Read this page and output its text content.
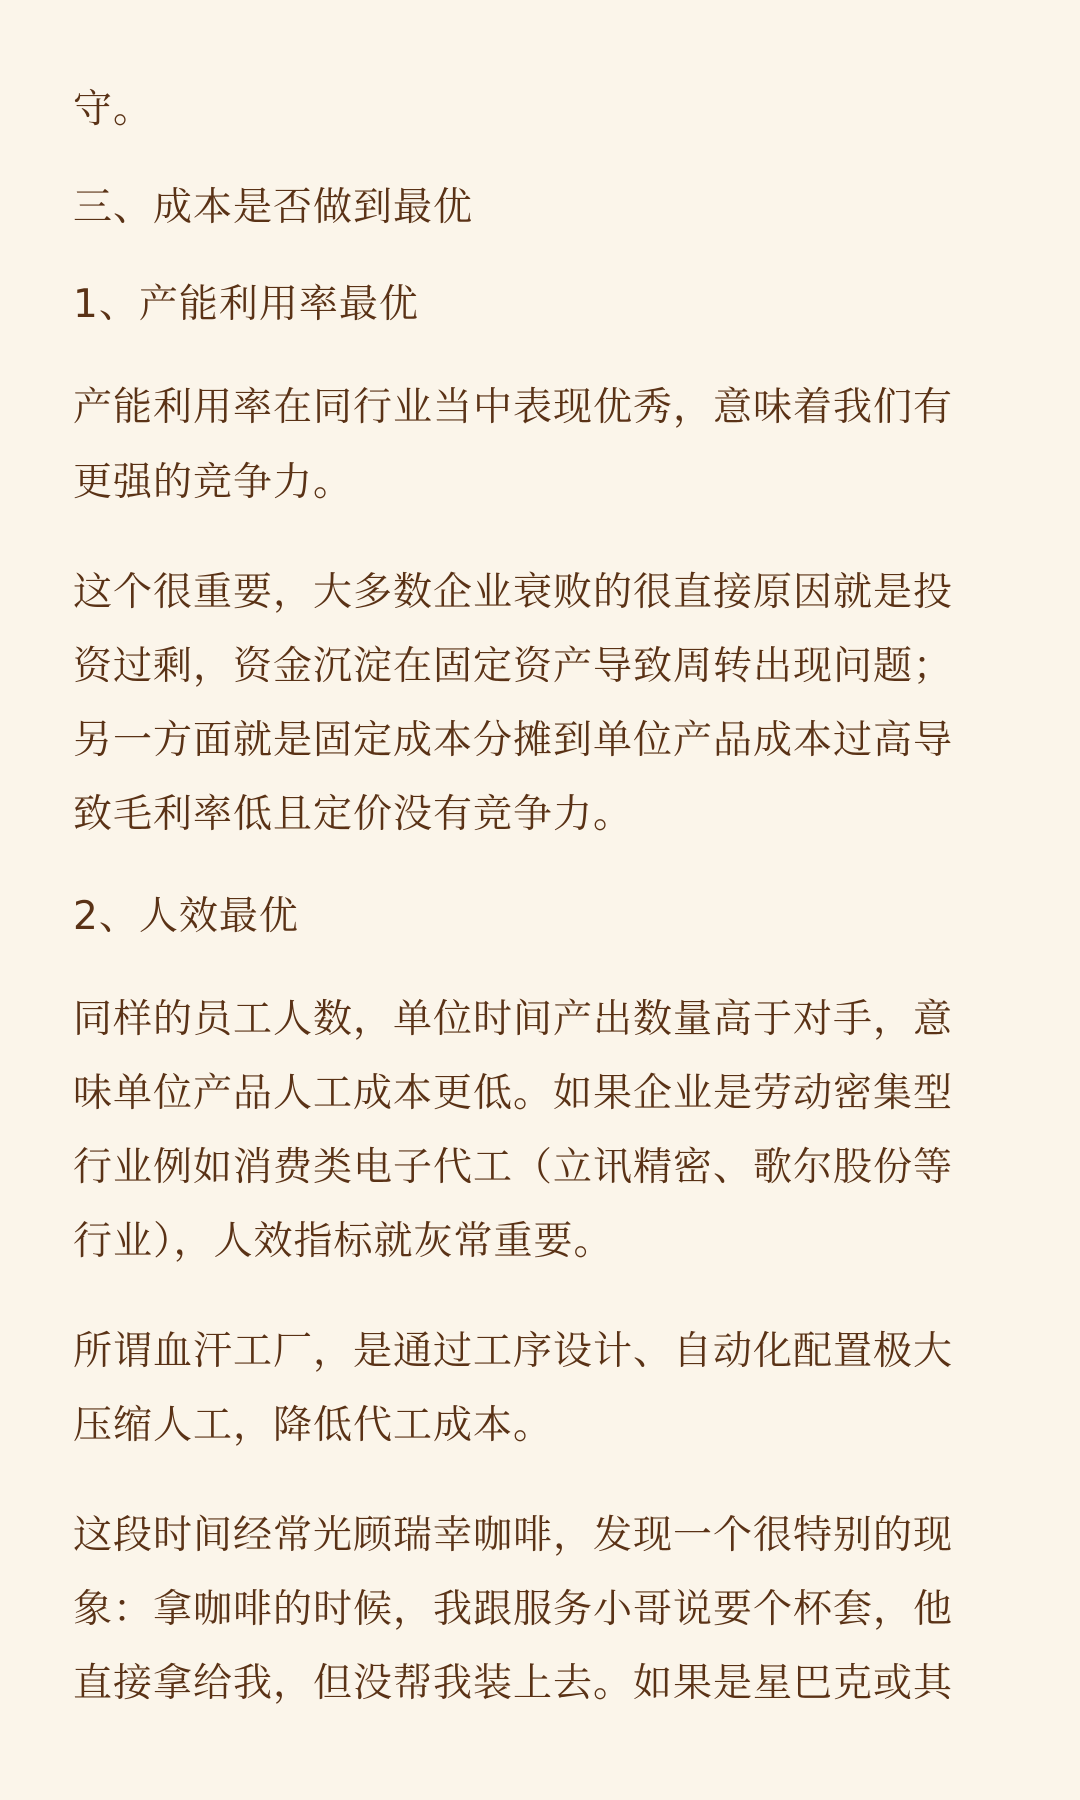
守。
三、成本是否做到最优
1、产能利用率最优
产能利用率在同行业当中表现优秀，意味着我们有
更强的竞争力。
这个很重要，大多数企业衰败的很直接原因就是投
资过剩，资金沉淀在固定资产导致周转出现问题；
另一方面就是固定成本分摊到单位产品成本过高导
致毛利率低且定价没有竞争力。
2、人效最优
同样的员工人数，单位时间产出数量高于对手，意
味单位产品人工成本更低。如果企业是劳动密集型
行业例如消费类电子代工（立讯精密、歌尔股份等
行业），人效指标就灰常重要。
所谓血汗工厂，是通过工序设计、自动化配置极大
压缩人工，降低代工成本。
这段时间经常光顾瑞幸咖啡，发现一个很特别的现
象：拿咖啡的时候，我跟服务小哥说要个杯套，他
直接拿给我，但没帮我装上去。如果是星巴克或其
